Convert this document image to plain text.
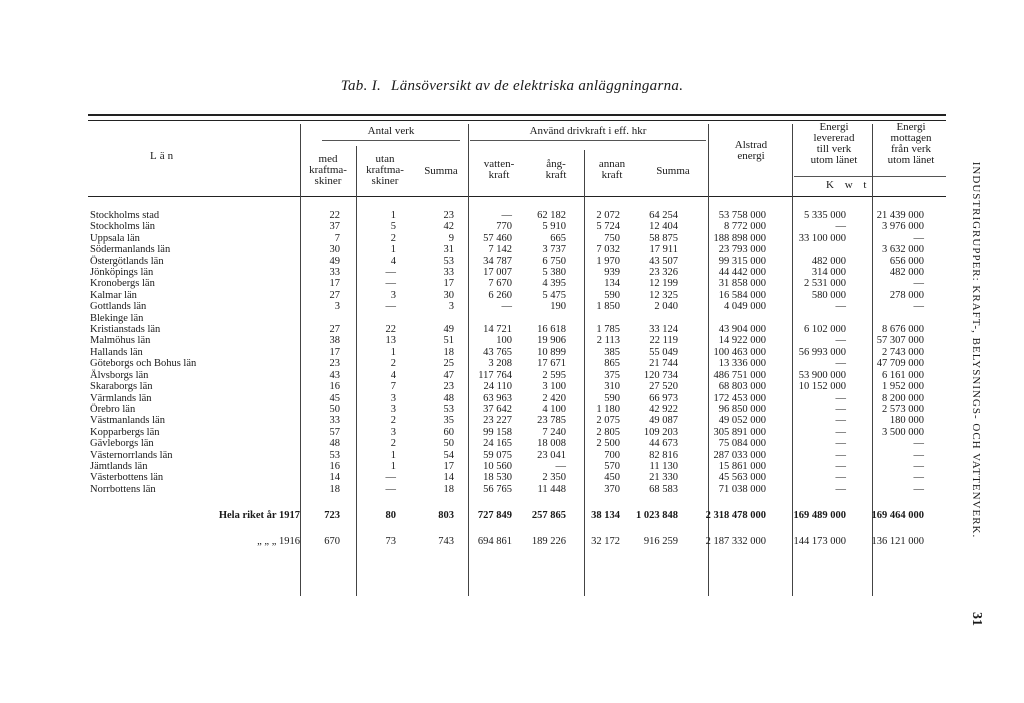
Tab. I. Länsöversikt av de elektriska anläggningarna.
Län
Antal verk
med
kraftma-
skiner
utan
kraftma-
skiner
Summa
Använd drivkraft i eff. hkr
vatten-
kraft
ång-
kraft
annan
kraft	Summa
Alstrad
energi
Energi
levererad
till verk
utom länet
Energi
mottagen
från verk
utom länet
K w t
Stockholms stad	22	1	23	—	62 182	2 072	64 254	53 758 000	5 335 000	21 439 000
Stockholms län	37	5	42	770	5 910	5 724	12 404	8 772 000	—	3 976 000
Uppsala län	7	2	9	57 460	665	750	58 875	188 898 000	33 100 000	—
Södermanlands län	30	1	31	7 142	3 737	7 032	17 911	23 793 000		3 632 000
Östergötlands län	49	4	53	34 787	6 750	1 970	43 507	99 315 000	482 000	656 000
Jönköpings län	33	—	33	17 007	5 380	939	23 326	44 442 000	314 000	482 000
Kronobergs län	17	—	17	7 670	4 395	134	12 199	31 858 000	2 531 000	—
Kalmar län	27	3	30	6 260	5 475	590	12 325	16 584 000	580 000	278 000
Gottlands län	3	—	3	—	190	1 850	2 040	4 049 000	—	—
Blekinge län										
Kristianstads län	27	22	49	14 721	16 618	1 785	33 124	43 904 000	6 102 000	8 676 000
Malmöhus län	38	13	51	100	19 906	2 113	22 119	14 922 000	—	57 307 000
Hallands län	17	1	18	43 765	10 899	385	55 049	100 463 000	56 993 000	2 743 000
Göteborgs och Bohus län	23	2	25	3 208	17 671	865	21 744	13 336 000	—	47 709 000
Älvsborgs län	43	4	47	117 764	2 595	375	120 734	486 751 000	53 900 000	6 161 000
Skaraborgs län	16	7	23	24 110	3 100	310	27 520	68 803 000	10 152 000	1 952 000
Värmlands län	45	3	48	63 963	2 420	590	66 973	172 453 000	—	8 200 000
Örebro län	50	3	53	37 642	4 100	1 180	42 922	96 850 000	—	2 573 000
Västmanlands län	33	2	35	23 227	23 785	2 075	49 087	49 052 000	—	180 000
Kopparbergs län	57	3	60	99 158	7 240	2 805	109 203	305 891 000	—	3 500 000
Gävleborgs län	48	2	50	24 165	18 008	2 500	44 673	75 084 000	—	—
Västernorrlands län	53	1	54	59 075	23 041	700	82 816	287 033 000	—	—
Jämtlands län	16	1	17	10 560	—	570	11 130	15 861 000	—	—
Västerbottens län	14	—	14	18 530	2 350	450	21 330	45 563 000	—	—
Norrbottens län	18	—	18	56 765	11 448	370	68 583	71 038 000	—	—
Hela riket år 1917	723	80	803	727 849	257 865	38 134	1 023 848	2 318 478 000	169 489 000	169 464 000
„ „ „ 1916	670	73	743	694 861	189 226	32 172	916 259	2 187 332 000	144 173 000	136 121 000
INDUSTRIGRUPPER: KRAFT-, BELYSNINGS- OCH VATTENVERK.
31
